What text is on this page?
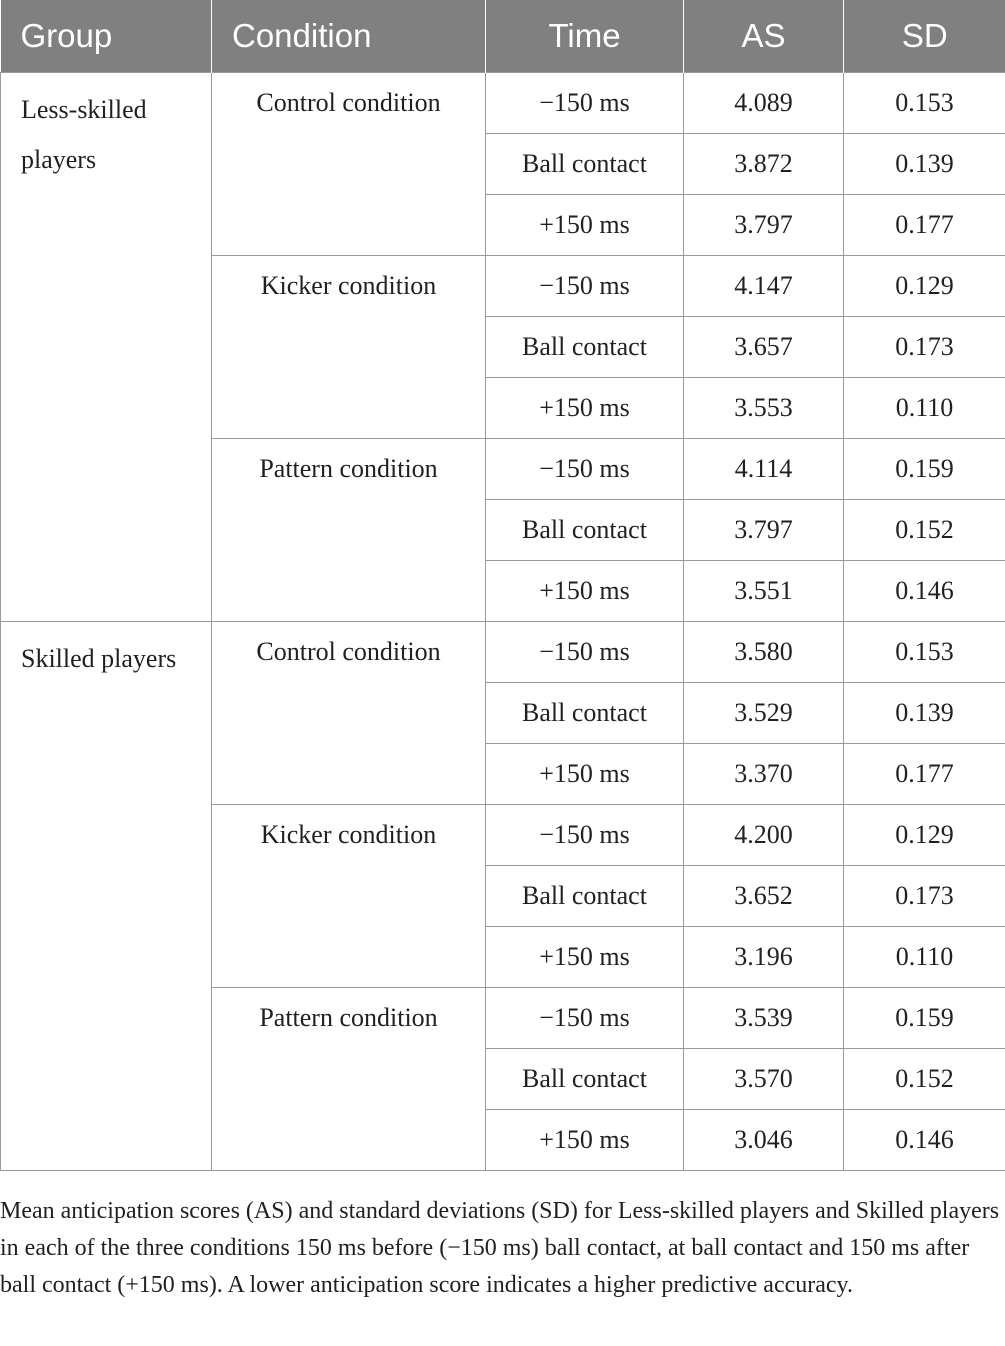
Group	Condition	Time	AS	SD
Less-skilled players	Control condition	−150 ms	4.089	0.153
		Ball contact	3.872	0.139
		+150 ms	3.797	0.177
	Kicker condition	−150 ms	4.147	0.129
		Ball contact	3.657	0.173
		+150 ms	3.553	0.110
	Pattern condition	−150 ms	4.114	0.159
		Ball contact	3.797	0.152
		+150 ms	3.551	0.146
Skilled players	Control condition	−150 ms	3.580	0.153
		Ball contact	3.529	0.139
		+150 ms	3.370	0.177
	Kicker condition	−150 ms	4.200	0.129
		Ball contact	3.652	0.173
		+150 ms	3.196	0.110
	Pattern condition	−150 ms	3.539	0.159
		Ball contact	3.570	0.152
		+150 ms	3.046	0.146

Mean anticipation scores (AS) and standard deviations (SD) for Less-skilled players and Skilled players in each of the three conditions 150 ms before (−150 ms) ball contact, at ball contact and 150 ms after ball contact (+150 ms). A lower anticipation score indicates a higher predictive accuracy.
